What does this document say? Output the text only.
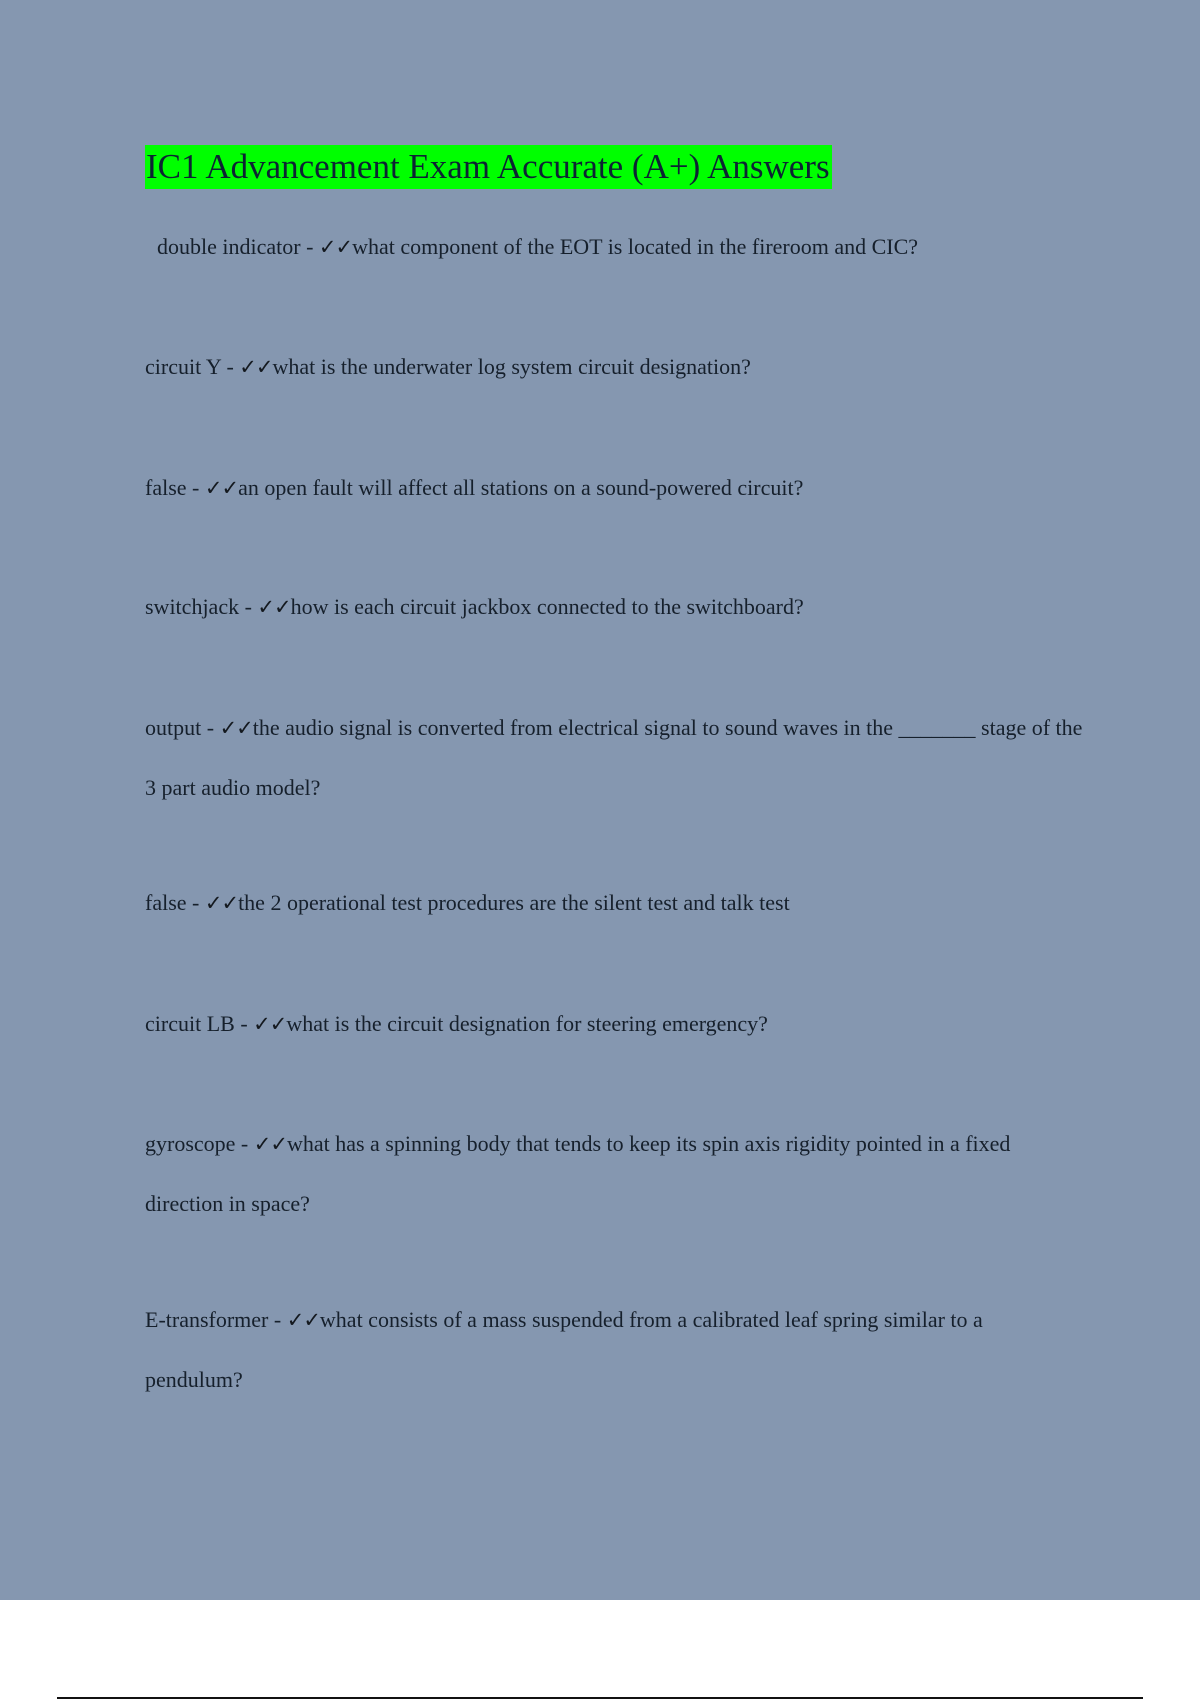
IC1 Advancement Exam Accurate (A+) Answers

double indicator - ✓✓what component of the EOT is located in the fireroom and CIC?

circuit Y - ✓✓what is the underwater log system circuit designation?

false - ✓✓an open fault will affect all stations on a sound-powered circuit?

switchjack - ✓✓how is each circuit jackbox connected to the switchboard?

output - ✓✓the audio signal is converted from electrical signal to sound waves in the _______ stage of the 3 part audio model?

false - ✓✓the 2 operational test procedures are the silent test and talk test

circuit LB - ✓✓what is the circuit designation for steering emergency?

gyroscope - ✓✓what has a spinning body that tends to keep its spin axis rigidity pointed in a fixed direction in space?

E-transformer - ✓✓what consists of a mass suspended from a calibrated leaf spring similar to a pendulum?
